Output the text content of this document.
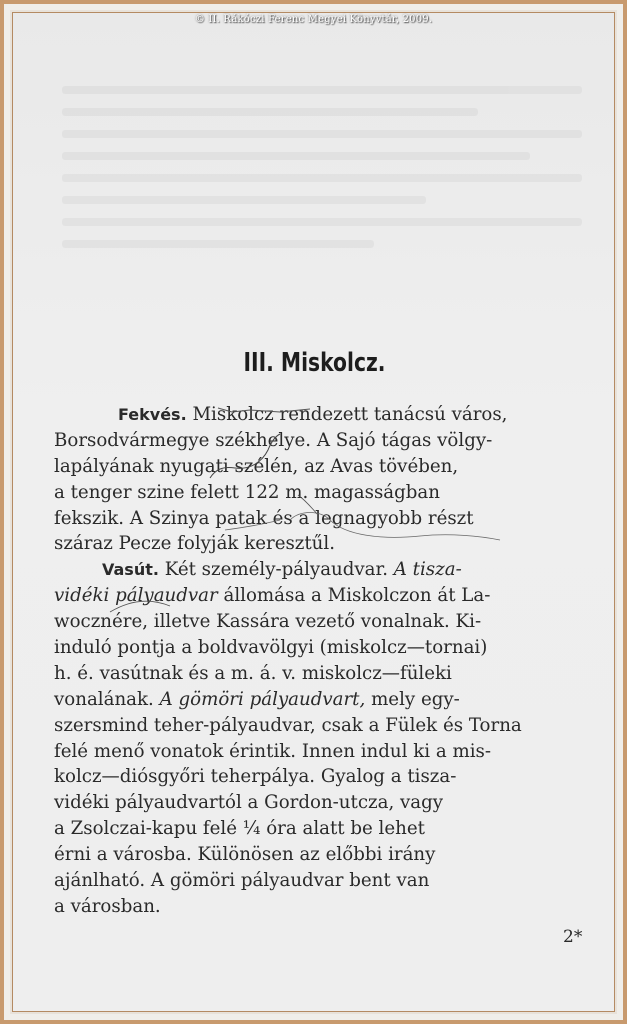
© II. Rákóczi Ferenc Megyei Könyvtár, 2009.
III. Miskolcz.
Fekvés. Miskolcz rendezett tanácsú város,
Borsodvármegye székhelye. A Sajó tágas völgy-
lapályának nyugati szélén, az Avas tövében,
a tenger szine felett 122 m. magasságban
fekszik. A Szinya patak és a legnagyobb részt
száraz Pecze folyják keresztűl.
Vasút. Két személy-pályaudvar. A tisza-
vidéki pályaudvar állomása a Miskolczon át La-
wocznére, illetve Kassára vezető vonalnak. Ki-
induló pontja a boldvavölgyi (miskolcz—tornai)
h. é. vasútnak és a m. á. v. miskolcz—füleki
vonalának. A gömöri pályaudvart, mely egy-
szersmind teher-pályaudvar, csak a Fülek és Torna
felé menő vonatok érintik. Innen indul ki a mis-
kolcz—diósgyőri teherpálya. Gyalog a tisza-
vidéki pályaudvartól a Gordon-utcza, vagy
a Zsolczai-kapu felé ¼ óra alatt be lehet
érni a városba. Különösen az előbbi irány
ajánlható. A gömöri pályaudvar bent van
a városban.
2*
